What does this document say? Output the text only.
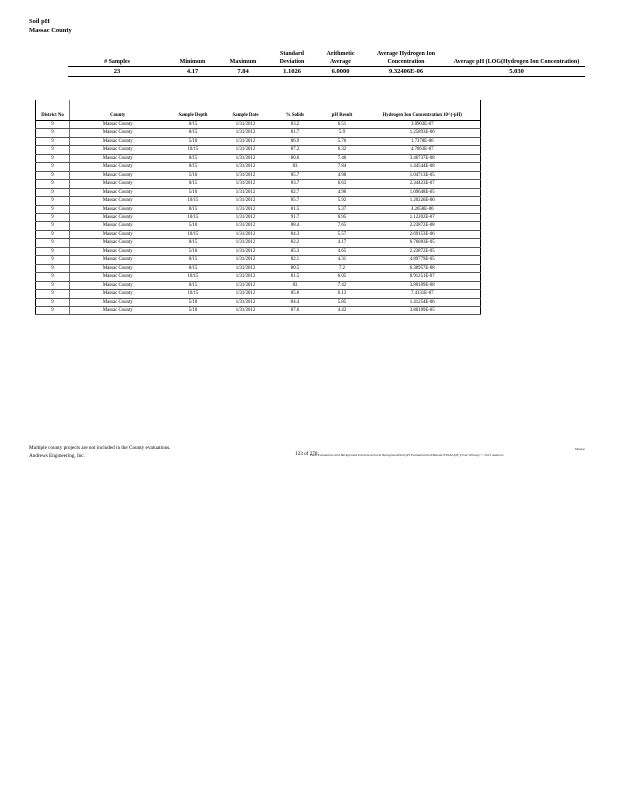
Soil pH
Massac County
# Samples	Minimum	Maximum	Standard Deviation	Arithmetic Average	Average Hydrogen Ion Concentration	Average pH (LOG(Hydrogen Ion Concentration)
23	4.17	7.84	1.1026	6.0000	9.32406E-06	5.030
District No	County	Sample Depth	Sample Date	% Solids	pH Result	Hydrogen Ion Concentration 10^(-pH)
9	Massac County	0/15	1/31/2012	83.2	6.51	3.0903E-07
9	Massac County	0/15	1/31/2012	81.7	5.9	1.25893E-06
9	Massac County	5/10	1/31/2012	86.9	5.76	1.7378E-06
9	Massac County	10/15	1/31/2012	87.2	6.32	4.7863E-07
9	Massac County	0/15	1/31/2012	80.6	7.46	3.46737E-08
9	Massac County	0/15	1/31/2012	83	7.84	1.44544E-08
9	Massac County	5/10	1/31/2012	85.7	4.98	1.04713E-05
9	Massac County	0/15	1/31/2012	83.7	6.63	2.34423E-07
9	Massac County	5/10	1/31/2012	82.7	4.96	1.09648E-05
9	Massac County	10/15	1/31/2012	85.7	5.92	1.20226E-06
9	Massac County	0/15	1/31/2012	81.5	5.37	4.2658E-06
9	Massac County	10/15	1/31/2012	91.7	6.95	1.12202E-07
9	Massac County	5/10	1/31/2012	88.4	7.65	2.23872E-08
9	Massac County	10/15	1/31/2012	84.3	5.57	2.69153E-06
9	Massac County	0/15	1/31/2012	82.2	4.17	6.76083E-05
9	Massac County	5/10	1/31/2012	85.3	4.65	2.23872E-05
9	Massac County	0/15	1/31/2012	82.1	4.31	4.89779E-05
9	Massac County	0/15	1/31/2012	80.5	7.2	6.30957E-08
9	Massac County	10/15	1/31/2012	81.5	6.05	8.91251E-07
9	Massac County	0/15	1/31/2012	83	7.42	3.80189E-08
9	Massac County	10/15	1/31/2012	85.6	6.13	7.4131E-07
9	Massac County	5/10	1/31/2012	84.4	5.85	1.41254E-06
9	Massac County	5/10	1/31/2012	87.6	4.42	3.80189E-05
Multiple county projects are not included in the County evaluations.
Andrews Engineering, Inc.	123 of 278
Data Evaluations and Background Investment/Local Background/Soil pH Evaluation/Soil/Massac/FINAL/pH_Final Writeup/ © 2013 Andrews
Massac
